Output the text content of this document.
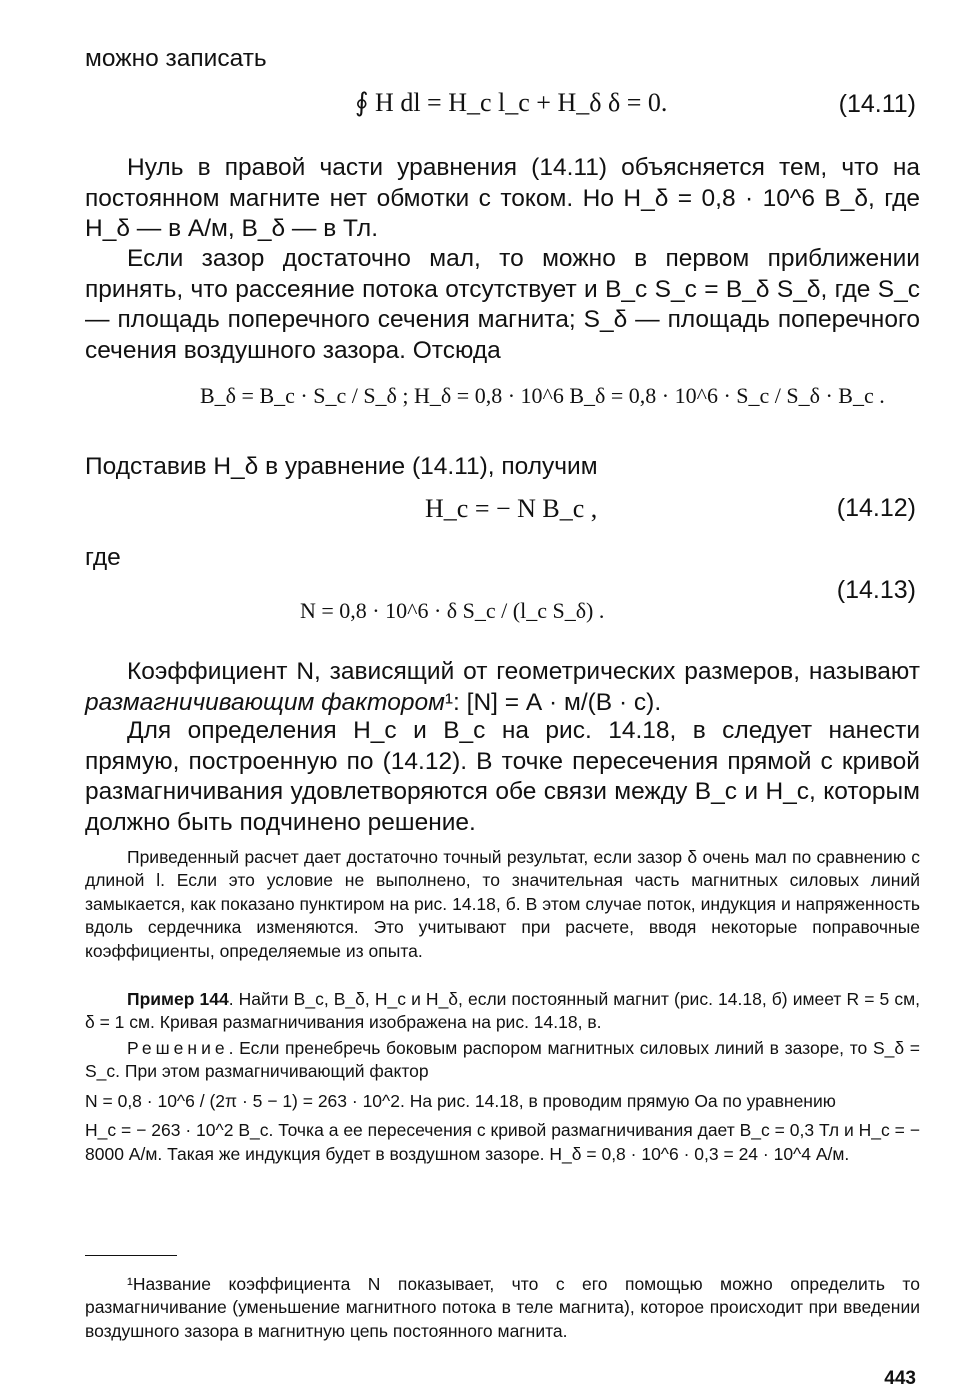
можно записать

∮ H dl = H_c l_c + H_δ δ = 0.	(14.11)

Нуль в правой части уравнения (14.11) объясняется тем, что на постоянном магните нет обмотки с током. Но H_δ = 0,8 · 10^6 B_δ, где H_δ — в А/м, B_δ — в Тл.

Если зазор достаточно мал, то можно в первом приближении принять, что рассеяние потока отсутствует и B_c S_c = B_δ S_δ, где S_c — площадь поперечного сечения магнита; S_δ — площадь поперечного сечения воздушного зазора. Отсюда

B_δ = B_c · S_c / S_δ ; H_δ = 0,8 · 10^6 B_δ = 0,8 · 10^6 · S_c / S_δ · B_c .

Подставив H_δ в уравнение (14.11), получим

H_c = − N B_c ,	(14.12)

где

N = 0,8 · 10^6 · δ S_c / (l_c S_δ) .
(14.13)

Коэффициент N, зависящий от геометрических размеров, называют размагничивающим фактором¹: [N] = А · м/(В · с).

Для определения H_c и B_c на рис. 14.18, в следует нанести прямую, построенную по (14.12). В точке пересечения прямой с кривой размагничивания удовлетворяются обе связи между B_c и H_c, которым должно быть подчинено решение.

Приведенный расчет дает достаточно точный результат, если зазор δ очень мал по сравнению с длиной l. Если это условие не выполнено, то значительная часть магнитных силовых линий замыкается, как показано пунктиром на рис. 14.18, б. В этом случае поток, индукция и напряженность вдоль сердечника изменяются. Это учитывают при расчете, вводя некоторые поправочные коэффициенты, определяемые из опыта.

Пример 144. Найти B_c, B_δ, H_c и H_δ, если постоянный магнит (рис. 14.18, б) имеет R = 5 см, δ = 1 см. Кривая размагничивания изображена на рис. 14.18, в.

Решение. Если пренебречь боковым распором магнитных силовых линий в зазоре, то S_δ = S_c. При этом размагничивающий фактор

N = 0,8 · 10^6 / (2π · 5 − 1) = 263 · 10^2. На рис. 14.18, в проводим прямую Oa по уравнению

H_c = − 263 · 10^2 B_c. Точка a ее пересечения с кривой размагничивания дает B_c = 0,3 Тл и H_c = − 8000 А/м. Такая же индукция будет в воздушном зазоре. H_δ = 0,8 · 10^6 · 0,3 = 24 · 10^4 А/м.

¹Название коэффициента N показывает, что с его помощью можно определить то размагничивание (уменьшение магнитного потока в теле магнита), которое происходит при введении воздушного зазора в магнитную цепь постоянного магнита.

443
